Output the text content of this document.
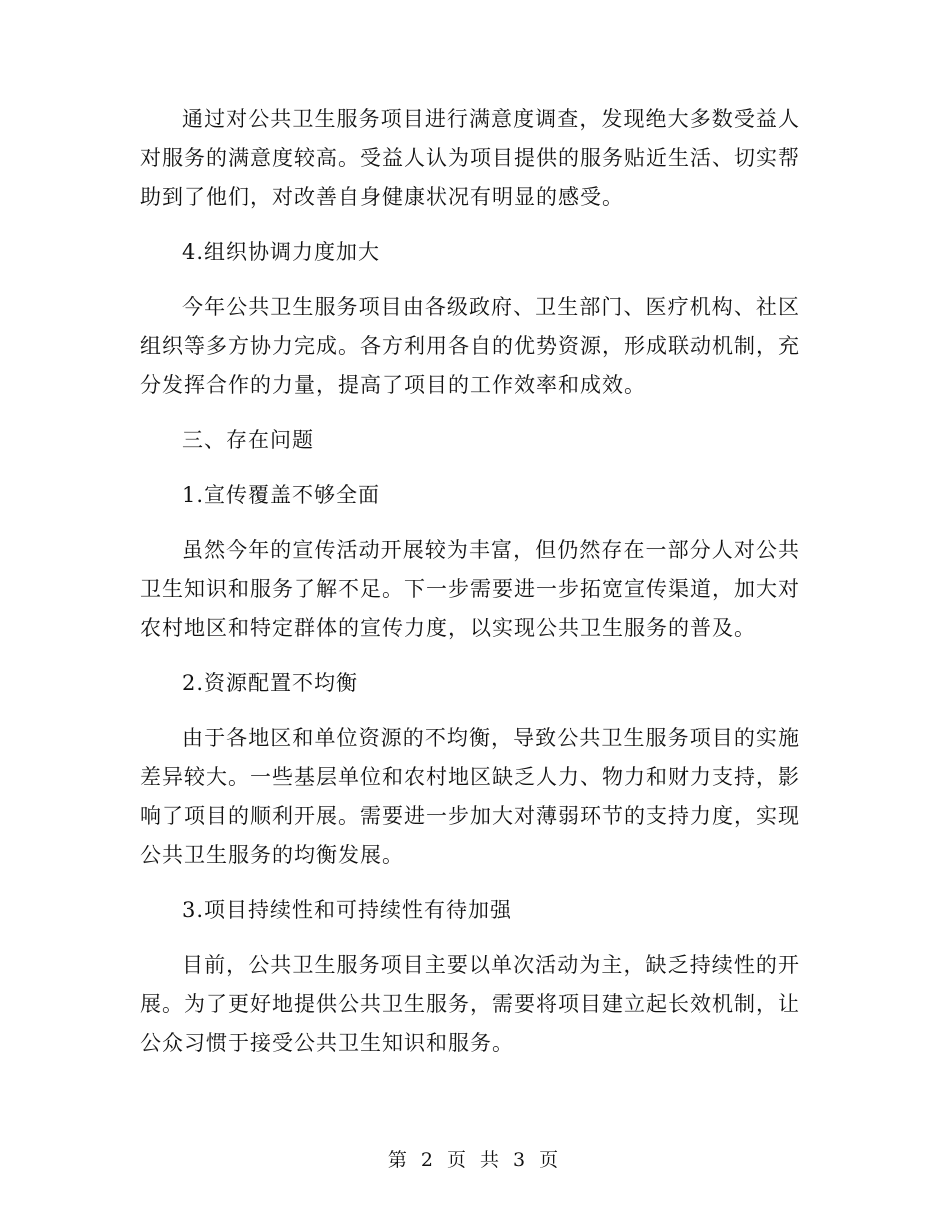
通过对公共卫生服务项目进行满意度调查，发现绝大多数受益人对服务的满意度较高。受益人认为项目提供的服务贴近生活、切实帮助到了他们，对改善自身健康状况有明显的感受。

4.组织协调力度加大

今年公共卫生服务项目由各级政府、卫生部门、医疗机构、社区组织等多方协力完成。各方利用各自的优势资源，形成联动机制，充分发挥合作的力量，提高了项目的工作效率和成效。

三、存在问题

1.宣传覆盖不够全面

虽然今年的宣传活动开展较为丰富，但仍然存在一部分人对公共卫生知识和服务了解不足。下一步需要进一步拓宽宣传渠道，加大对农村地区和特定群体的宣传力度，以实现公共卫生服务的普及。

2.资源配置不均衡

由于各地区和单位资源的不均衡，导致公共卫生服务项目的实施差异较大。一些基层单位和农村地区缺乏人力、物力和财力支持，影响了项目的顺利开展。需要进一步加大对薄弱环节的支持力度，实现公共卫生服务的均衡发展。

3.项目持续性和可持续性有待加强

目前，公共卫生服务项目主要以单次活动为主，缺乏持续性的开展。为了更好地提供公共卫生服务，需要将项目建立起长效机制，让公众习惯于接受公共卫生知识和服务。

第 2 页 共 3 页
